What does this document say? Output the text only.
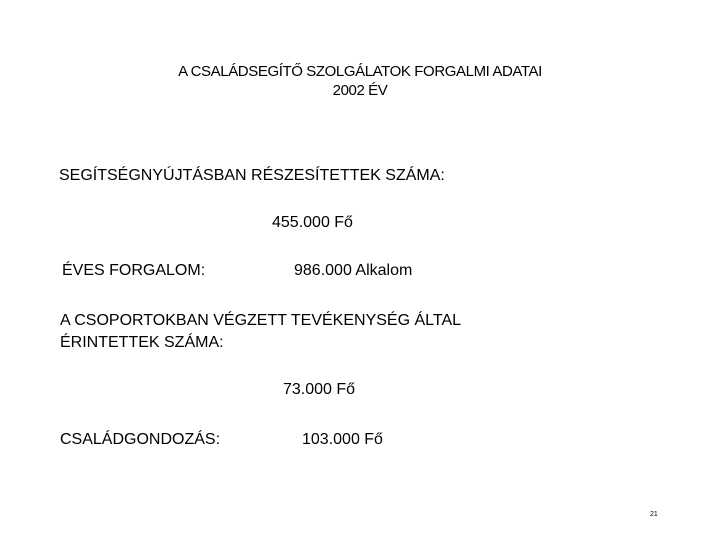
A CSALÁDSEGÍTŐ SZOLGÁLATOK FORGALMI ADATAI
2002 ÉV
SEGÍTSÉGNYÚJTÁSBAN RÉSZESÍTETTEK SZÁMA:
455.000 Fő
ÉVES FORGALOM:	986.000 Alkalom
A CSOPORTOKBAN VÉGZETT TEVÉKENYSÉG ÁLTAL
ÉRINTETTEK SZÁMA:
73.000 Fő
CSALÁDGONDOZÁS:	103.000 Fő
21
